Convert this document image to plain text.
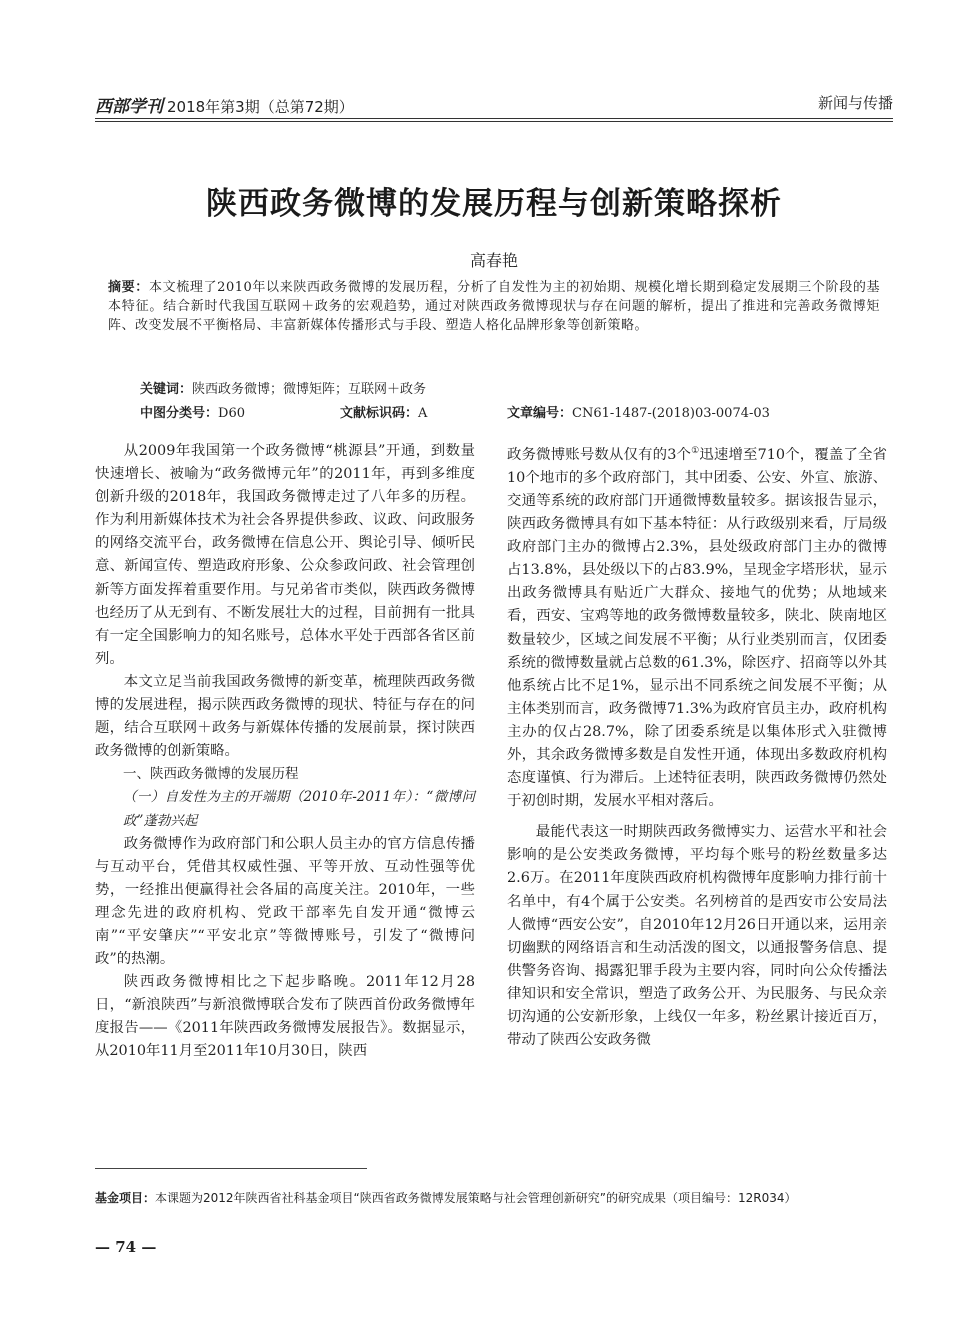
西部学刊 2018年第3期（总第72期）	新闻与传播
陕西政务微博的发展历程与创新策略探析
高春艳
摘要：本文梳理了2010年以来陕西政务微博的发展历程，分析了自发性为主的初始期、规模化增长期到稳定发展期三个阶段的基本特征。结合新时代我国互联网＋政务的宏观趋势，通过对陕西政务微博现状与存在问题的解析，提出了推进和完善政务微博矩阵、改变发展不平衡格局、丰富新媒体传播形式与手段、塑造人格化品牌形象等创新策略。
关键词：陕西政务微博；微博矩阵；互联网＋政务
中图分类号：D60	文献标识码：A	文章编号：CN61-1487-(2018)03-0074-03

从2009年我国第一个政务微博“桃源县”开通，到数量快速增长、被喻为“政务微博元年”的2011年，再到多维度创新升级的2018年，我国政务微博走过了八年多的历程。作为利用新媒体技术为社会各界提供参政、议政、问政服务的网络交流平台，政务微博在信息公开、舆论引导、倾听民意、新闻宣传、塑造政府形象、公众参政问政、社会管理创新等方面发挥着重要作用。与兄弟省市类似，陕西政务微博也经历了从无到有、不断发展壮大的过程，目前拥有一批具有一定全国影响力的知名账号，总体水平处于西部各省区前列。

本文立足当前我国政务微博的新变革，梳理陕西政务微博的发展进程，揭示陕西政务微博的现状、特征与存在的问题，结合互联网＋政务与新媒体传播的发展前景，探讨陕西政务微博的创新策略。

一、陕西政务微博的发展历程

（一）自发性为主的开端期（2010年-2011年）：“微博问政”蓬勃兴起

政务微博作为政府部门和公职人员主办的官方信息传播与互动平台，凭借其权威性强、平等开放、互动性强等优势，一经推出便赢得社会各届的高度关注。2010年，一些理念先进的政府机构、党政干部率先自发开通“微博云南”“平安肇庆”“平安北京”等微博账号，引发了“微博问政”的热潮。

陕西政务微博相比之下起步略晚。2011年12月28日，“新浪陕西”与新浪微博联合发布了陕西首份政务微博年度报告——《2011年陕西政务微博发展报告》。数据显示，从2010年11月至2011年10月30日，陕西

政务微博账号数从仅有的3个①迅速增至710个，覆盖了全省10个地市的多个政府部门，其中团委、公安、外宣、旅游、交通等系统的政府部门开通微博数量较多。据该报告显示，陕西政务微博具有如下基本特征：从行政级别来看，厅局级政府部门主办的微博占2.3%，县处级政府部门主办的微博占13.8%，县处级以下的占83.9%，呈现金字塔形状，显示出政务微博具有贴近广大群众、接地气的优势；从地域来看，西安、宝鸡等地的政务微博数量较多，陕北、陕南地区数量较少，区域之间发展不平衡；从行业类别而言，仅团委系统的微博数量就占总数的61.3%，除医疗、招商等以外其他系统占比不足1%，显示出不同系统之间发展不平衡；从主体类别而言，政务微博71.3%为政府官员主办，政府机构主办的仅占28.7%，除了团委系统是以集体形式入驻微博外，其余政务微博多数是自发性开通，体现出多数政府机构态度谨慎、行为滞后。上述特征表明，陕西政务微博仍然处于初创时期，发展水平相对落后。

最能代表这一时期陕西政务微博实力、运营水平和社会影响的是公安类政务微博，平均每个账号的粉丝数量多达2.6万。在2011年度陕西政府机构微博年度影响力排行前十名单中，有4个属于公安类。名列榜首的是西安市公安局法人微博“西安公安”，自2010年12月26日开通以来，运用亲切幽默的网络语言和生动活泼的图文，以通报警务信息、提供警务咨询、揭露犯罪手段为主要内容，同时向公众传播法律知识和安全常识，塑造了政务公开、为民服务、与民众亲切沟通的公安新形象，上线仅一年多，粉丝累计接近百万，带动了陕西公安政务微

基金项目：本课题为2012年陕西省社科基金项目“陕西省政务微博发展策略与社会管理创新研究”的研究成果（项目编号：12R034）
— 74 —
